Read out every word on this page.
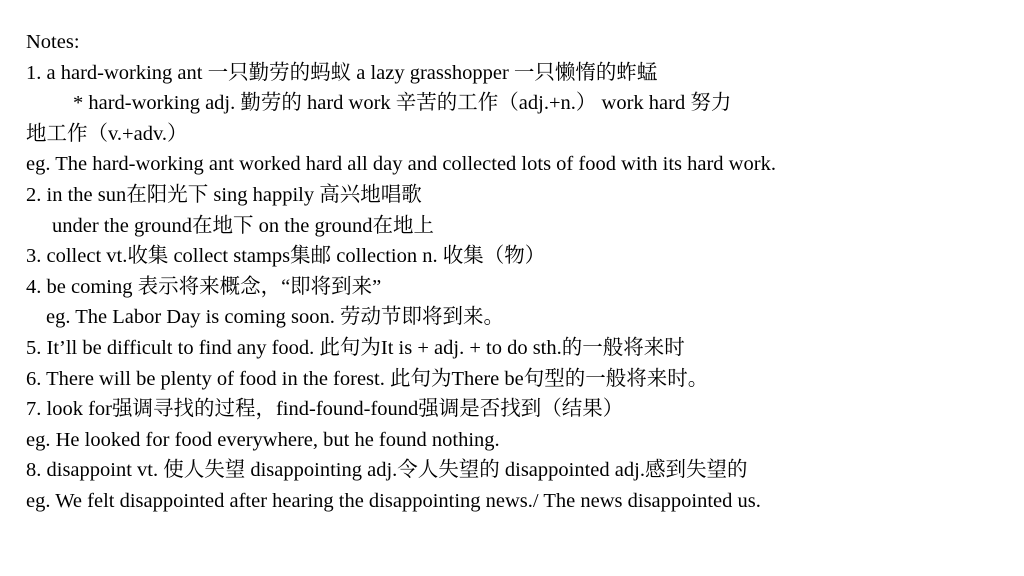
Notes:
1. a hard-working ant 一只勤劳的蚂蚁 a lazy grasshopper 一只懒惰的蚱蜢
* hard-working adj. 勤劳的 hard work 辛苦的工作（adj.+n.） work hard 努力
地工作（v.+adv.）
eg. The hard-working ant worked hard all day and collected lots of food with its hard work.
2. in the sun在阳光下 sing happily 高兴地唱歌
under the ground在地下 on the ground在地上
3. collect vt.收集 collect stamps集邮 collection n. 收集（物）
4. be coming 表示将来概念，“即将到来”
eg. The Labor Day is coming soon. 劳动节即将到来。
5. It’ll be difficult to find any food. 此句为It is + adj. + to do sth.的一般将来时
6. There will be plenty of food in the forest. 此句为There be句型的一般将来时。
7. look for强调寻找的过程，find-found-found强调是否找到（结果）
eg. He looked for food everywhere, but he found nothing.
8. disappoint vt. 使人失望 disappointing adj.令人失望的 disappointed adj.感到失望的
eg. We felt disappointed after hearing the disappointing news./ The news disappointed us.
